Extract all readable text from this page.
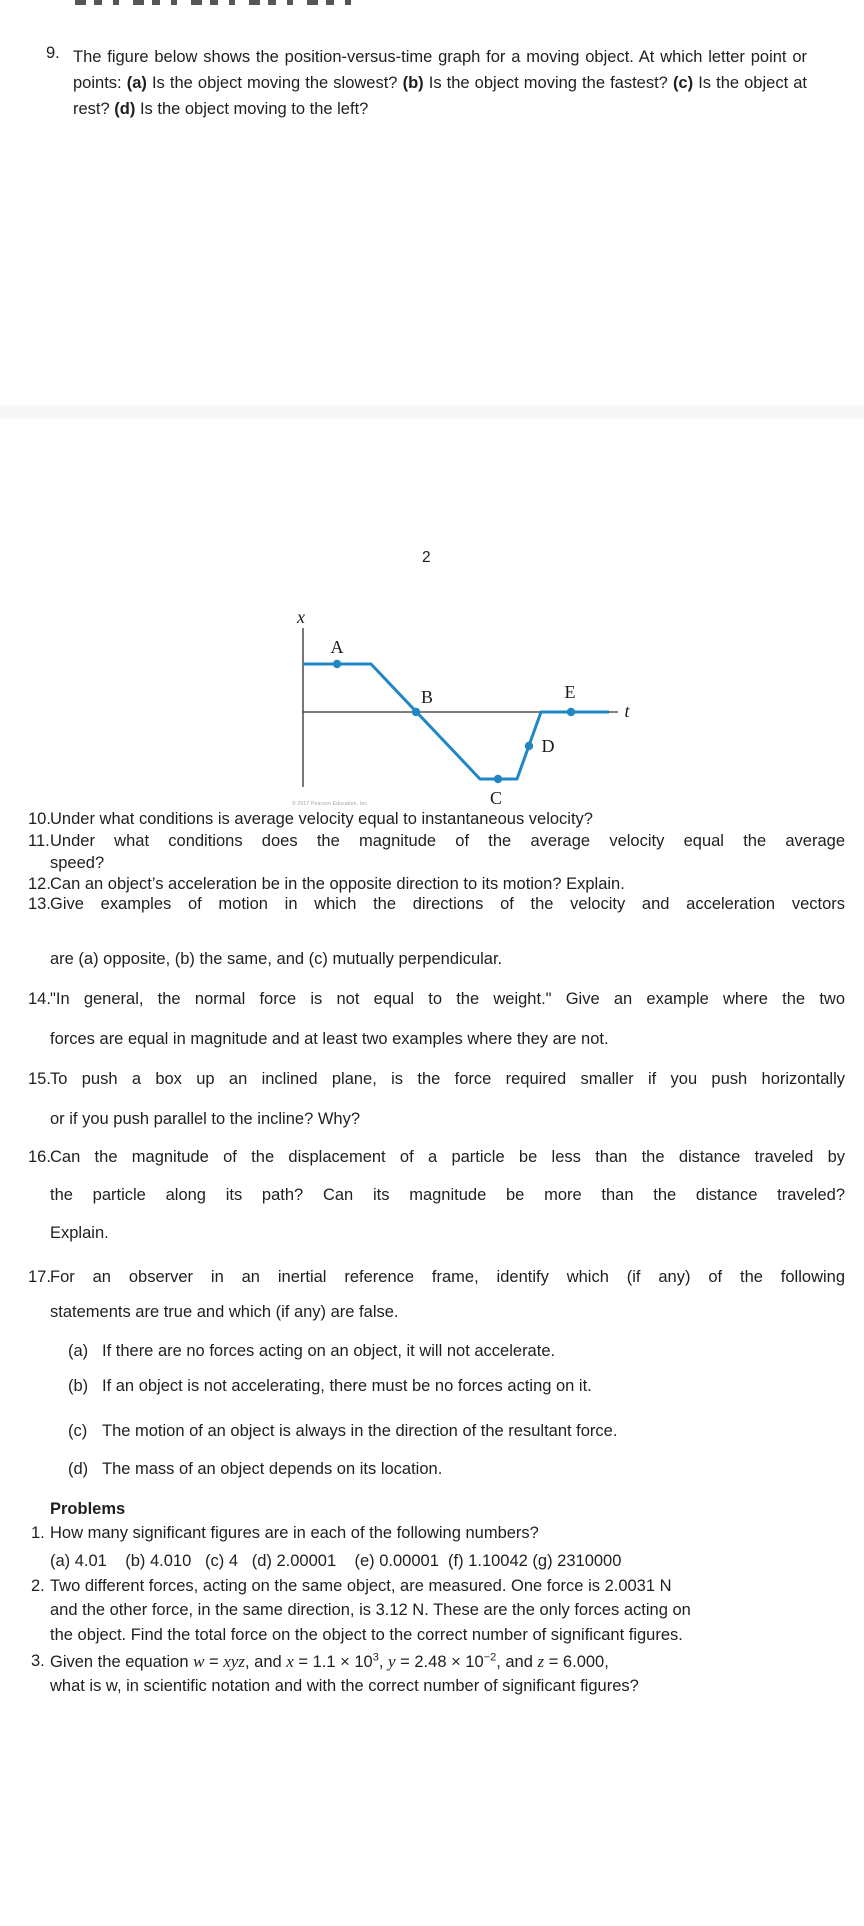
9. The figure below shows the position-versus-time graph for a moving object. At which letter point or points: (a) Is the object moving the slowest? (b) Is the object moving the fastest? (c) Is the object at rest? (d) Is the object moving to the left?
2
A
B
C
D
E
x
t
© 2017 Pearson Education, Inc.
10. Under what conditions is average velocity equal to instantaneous velocity?
11. Under what conditions does the magnitude of the average velocity equal the average
speed?
12. Can an object’s acceleration be in the opposite direction to its motion? Explain.
13. Give examples of motion in which the directions of the velocity and acceleration vectors
are (a) opposite, (b) the same, and (c) mutually perpendicular.
14. "In general, the normal force is not equal to the weight." Give an example where the two
forces are equal in magnitude and at least two examples where they are not.
15. To push a box up an inclined plane, is the force required smaller if you push horizontally
or if you push parallel to the incline? Why?
16. Can the magnitude of the displacement of a particle be less than the distance traveled by
the particle along its path? Can its magnitude be more than the distance traveled?
Explain.
17. For an observer in an inertial reference frame, identify which (if any) of the following
statements are true and which (if any) are false.
(a) If there are no forces acting on an object, it will not accelerate.
(b) If an object is not accelerating, there must be no forces acting on it.
(c) The motion of an object is always in the direction of the resultant force.
(d) The mass of an object depends on its location.
Problems
1. How many significant figures are in each of the following numbers?
(a) 4.01    (b) 4.010   (c) 4   (d) 2.00001    (e) 0.00001  (f) 1.10042 (g) 2310000
2. Two different forces, acting on the same object, are measured. One force is 2.0031 N
and the other force, in the same direction, is 3.12 N. These are the only forces acting on
the object. Find the total force on the object to the correct number of significant figures.
3. Given the equation w = xyz, and $x = 1.1 \times 10^3$, $y = 2.48 \times 10^{-2}$, and z = 6.000,
what is w, in scientific notation and with the correct number of significant figures?
